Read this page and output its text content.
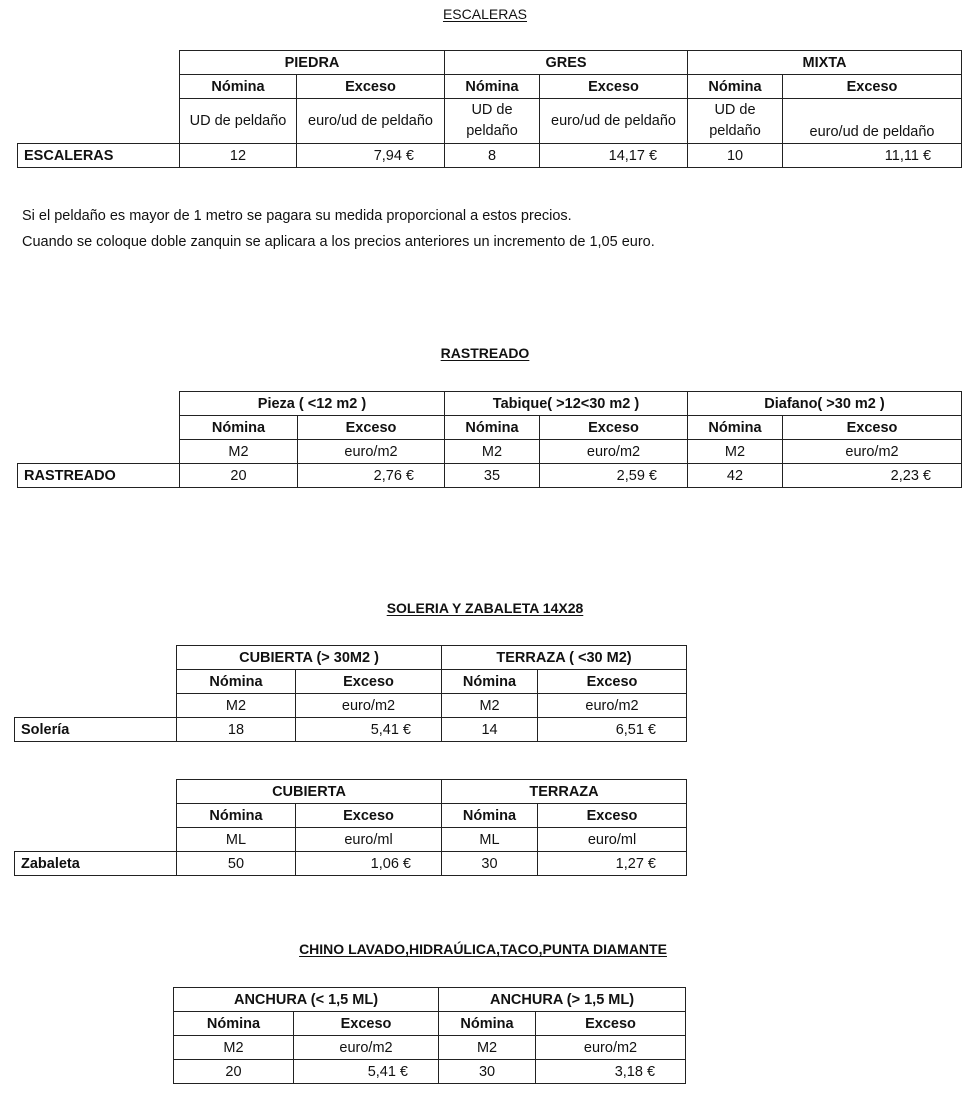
ESCALERAS
	PIEDRA		GRES		MIXTA	
	Nómina	Exceso	Nómina	Exceso	Nómina	Exceso
	UD de peldaño	euro/ud de peldaño	UD de peldaño	euro/ud de peldaño	UD de peldaño	euro/ud de peldaño
ESCALERAS	12	7,94 €	8	14,17 €	10	11,11 €
Si el peldaño es mayor de 1 metro se pagara su medida proporcional a estos precios.
Cuando se coloque doble zanquin se aplicara a los precios anteriores un incremento de 1,05 euro.
RASTREADO
	Pieza ( <12 m2 )		Tabique( >12<30 m2 )		Diafano( >30 m2 )	
	Nómina	Exceso	Nómina	Exceso	Nómina	Exceso
	M2	euro/m2	M2	euro/m2	M2	euro/m2
RASTREADO	20	2,76 €	35	2,59 €	42	2,23 €
SOLERIA Y ZABALETA 14X28
	CUBIERTA (> 30M2 )		TERRAZA ( <30 M2)	
	Nómina	Exceso	Nómina	Exceso
	M2	euro/m2	M2	euro/m2
Solería	18	5,41 €	14	6,51 €
	CUBIERTA		TERRAZA	
	Nómina	Exceso	Nómina	Exceso
	ML	euro/ml	ML	euro/ml
Zabaleta	50	1,06 €	30	1,27 €
CHINO LAVADO,HIDRAÚLICA,TACO,PUNTA DIAMANTE
ANCHURA (< 1,5 ML)		ANCHURA (> 1,5 ML)	
Nómina	Exceso	Nómina	Exceso
M2	euro/m2	M2	euro/m2
20	5,41 €	30	3,18 €
